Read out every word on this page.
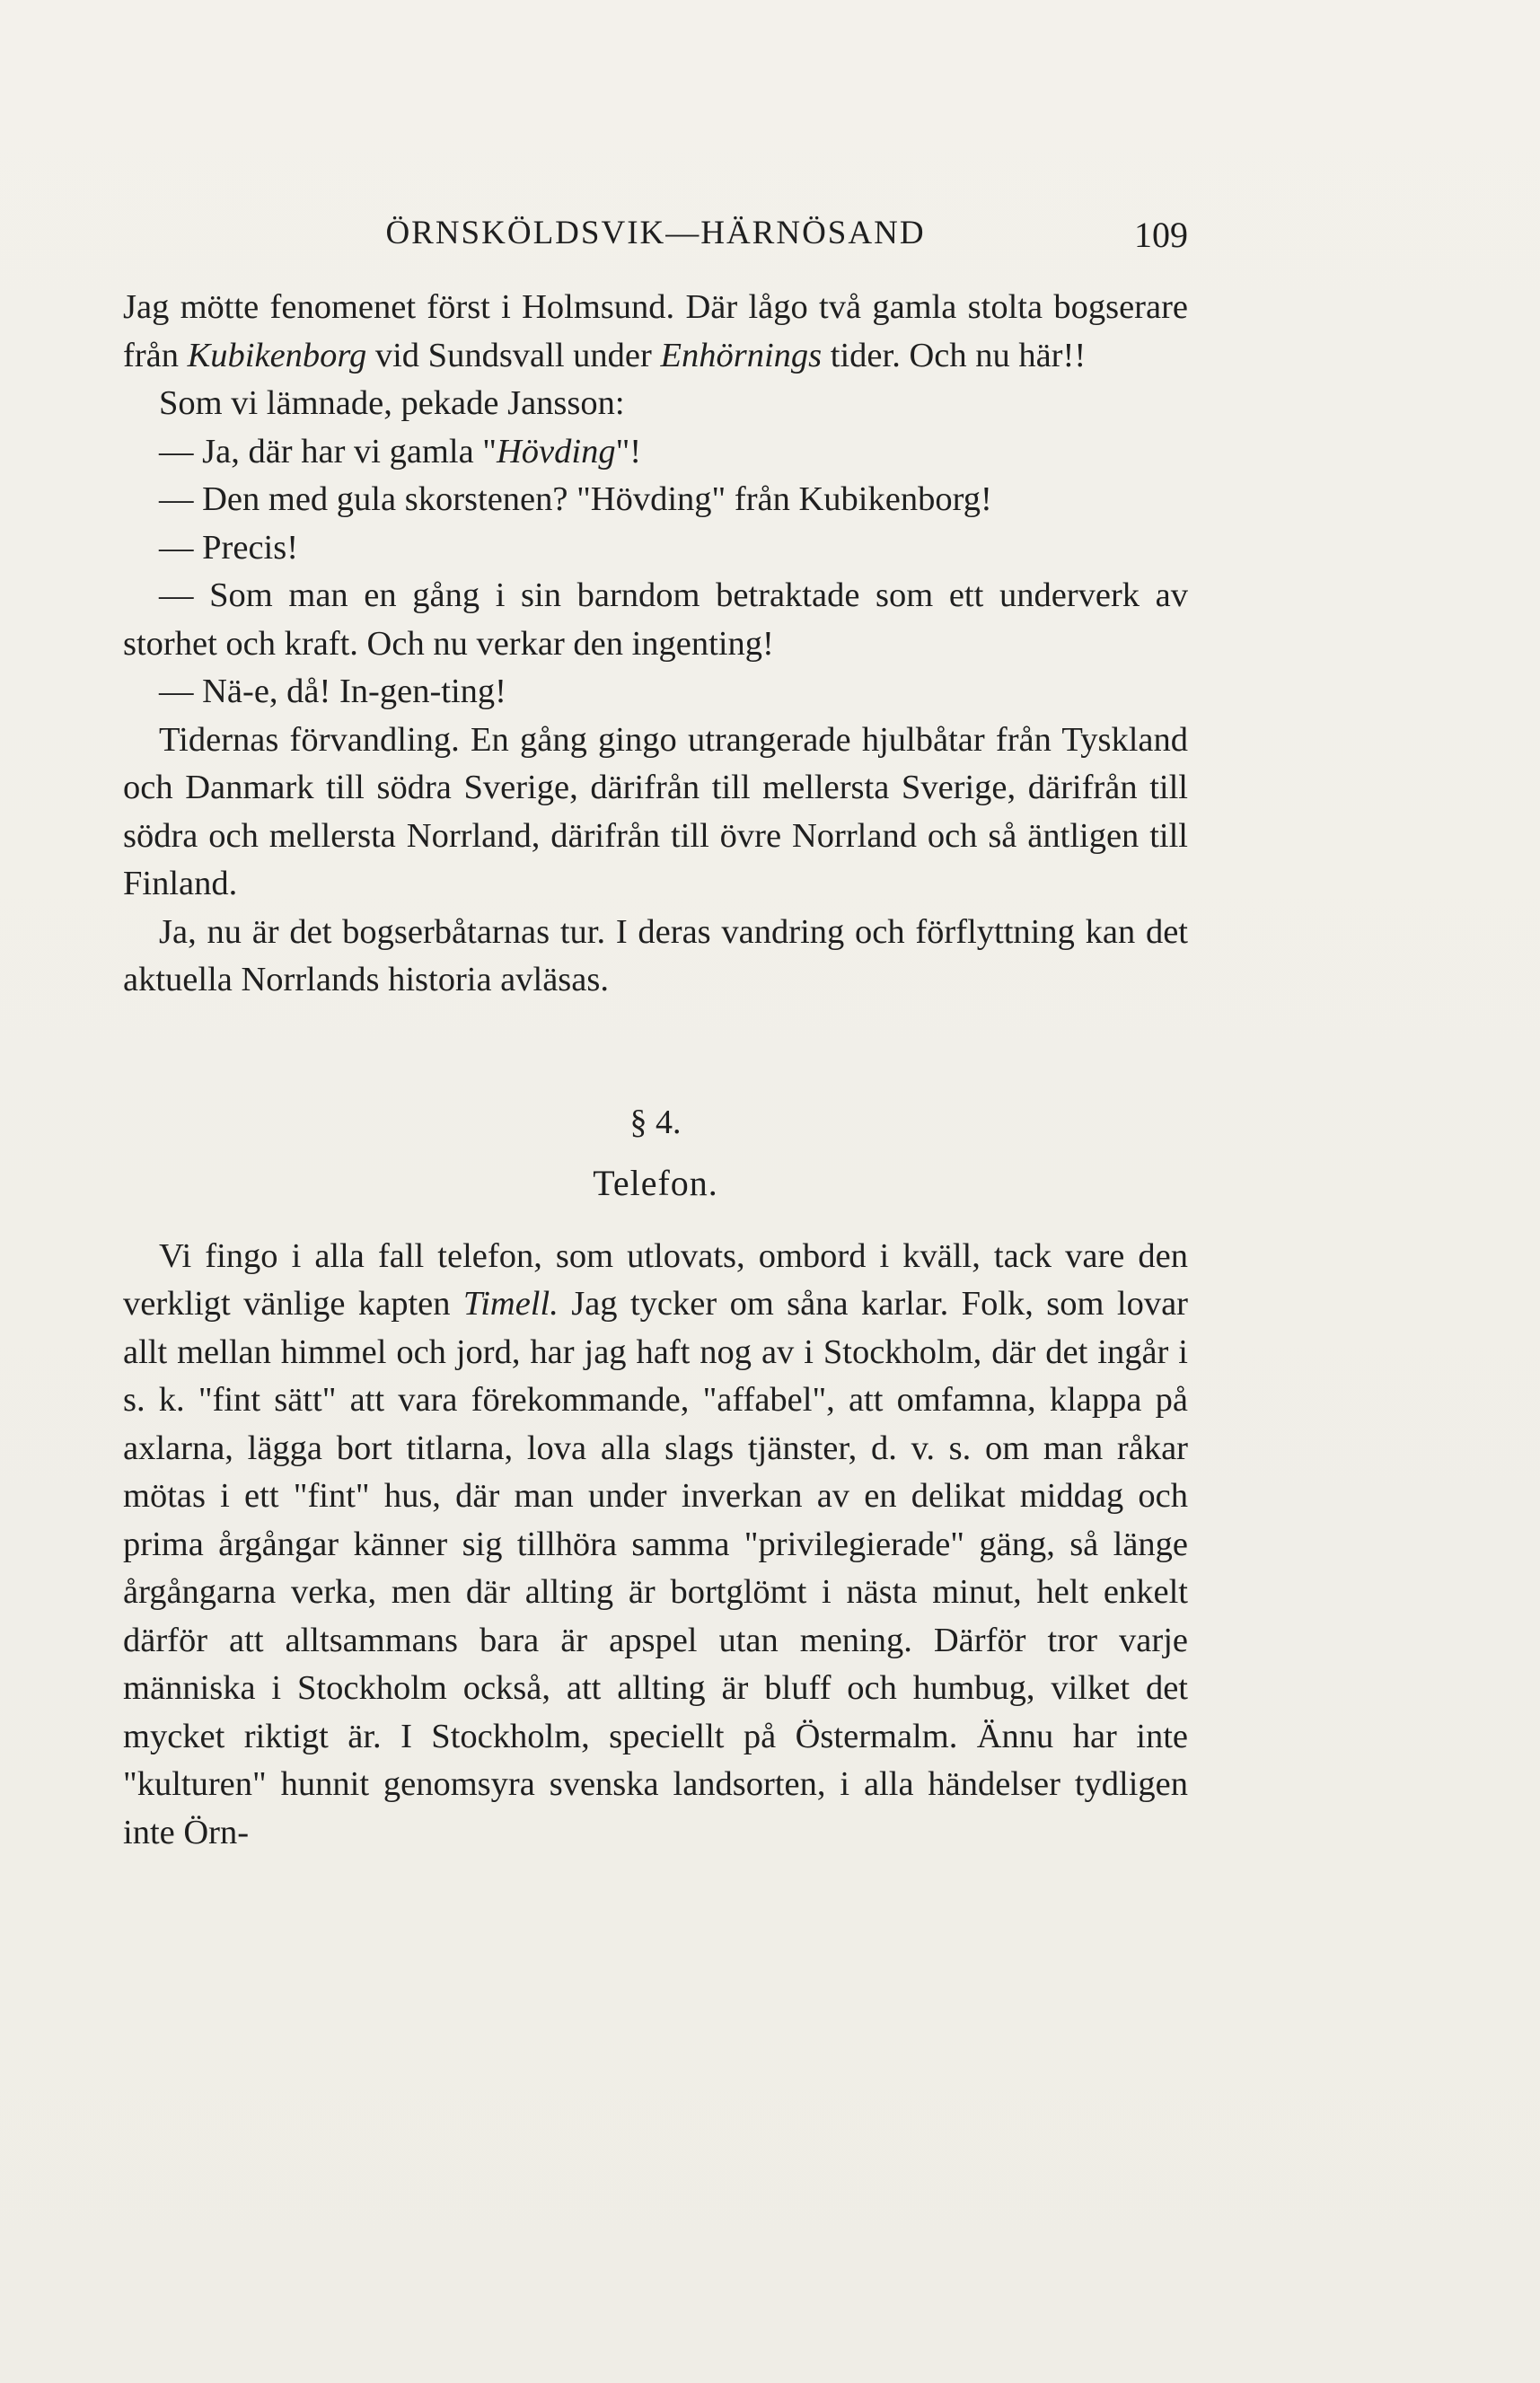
ÖRNSKÖLDSVIK—HÄRNÖSAND	109

Jag mötte fenomenet först i Holmsund. Där lågo två gamla stolta bogserare från Kubikenborg vid Sundsvall under Enhörnings tider. Och nu här!!

Som vi lämnade, pekade Jansson:

— Ja, där har vi gamla "Hövding"!

— Den med gula skorstenen? "Hövding" från Kubikenborg!

— Precis!

— Som man en gång i sin barndom betraktade som ett underverk av storhet och kraft. Och nu verkar den ingenting!

— Nä-e, då! In-gen-ting!

Tidernas förvandling. En gång gingo utrangerade hjulbåtar från Tyskland och Danmark till södra Sverige, därifrån till mellersta Sverige, därifrån till södra och mellersta Norrland, därifrån till övre Norrland och så äntligen till Finland.

Ja, nu är det bogserbåtarnas tur. I deras vandring och förflyttning kan det aktuella Norrlands historia avläsas.

§ 4.

Telefon.

Vi fingo i alla fall telefon, som utlovats, ombord i kväll, tack vare den verkligt vänlige kapten Timell. Jag tycker om såna karlar. Folk, som lovar allt mellan himmel och jord, har jag haft nog av i Stockholm, där det ingår i s. k. "fint sätt" att vara förekommande, "affabel", att omfamna, klappa på axlarna, lägga bort titlarna, lova alla slags tjänster, d. v. s. om man råkar mötas i ett "fint" hus, där man under inverkan av en delikat middag och prima årgångar känner sig tillhöra samma "privilegierade" gäng, så länge årgångarna verka, men där allting är bortglömt i nästa minut, helt enkelt därför att alltsammans bara är apspel utan mening. Därför tror varje människa i Stockholm också, att allting är bluff och humbug, vilket det mycket riktigt är. I Stockholm, speciellt på Östermalm. Ännu har inte "kulturen" hunnit genomsyra svenska landsorten, i alla händelser tydligen inte Örn-
